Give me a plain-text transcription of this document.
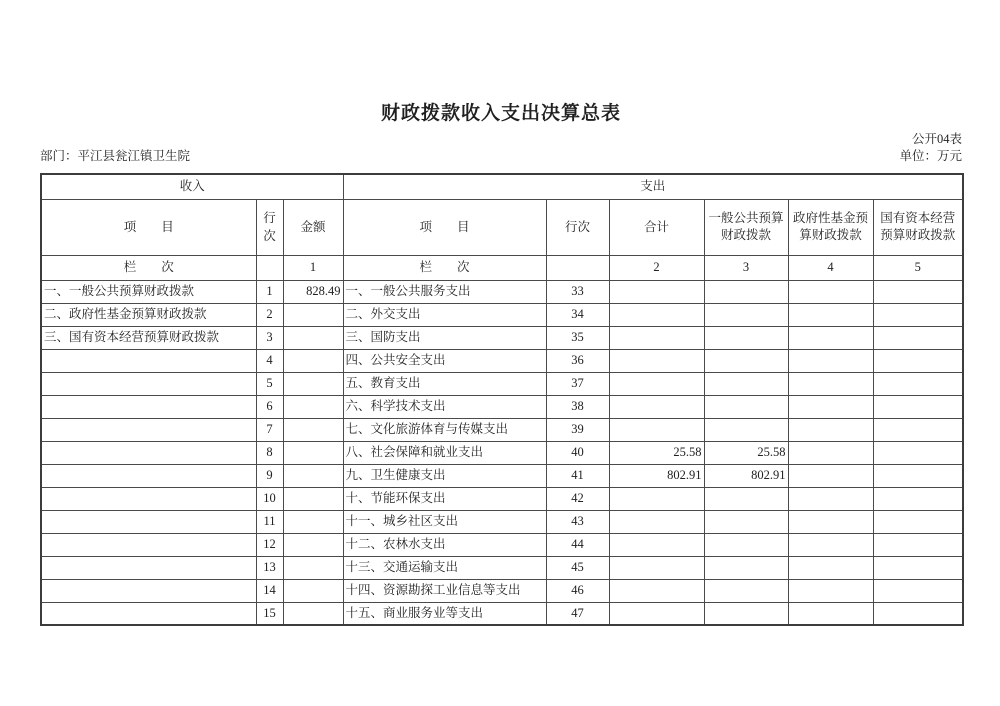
财政拨款收入支出决算总表
公开04表
部门：平江县瓮江镇卫生院	单位：万元
收入			支出					
项　　目	行次	金额	项　　目	行次	合计	一般公共预算财政拨款	政府性基金预算财政拨款	国有资本经营预算财政拨款
栏　　次		1	栏　　次		2	3	4	5
一、一般公共预算财政拨款	1	828.49	一、一般公共服务支出	33				
二、政府性基金预算财政拨款	2		二、外交支出	34				
三、国有资本经营预算财政拨款	3		三、国防支出	35				
	4		四、公共安全支出	36				
	5		五、教育支出	37				
	6		六、科学技术支出	38				
	7		七、文化旅游体育与传媒支出	39				
	8		八、社会保障和就业支出	40	25.58	25.58		
	9		九、卫生健康支出	41	802.91	802.91		
	10		十、节能环保支出	42				
	11		十一、城乡社区支出	43				
	12		十二、农林水支出	44				
	13		十三、交通运输支出	45				
	14		十四、资源勘探工业信息等支出	46				
	15		十五、商业服务业等支出	47				
